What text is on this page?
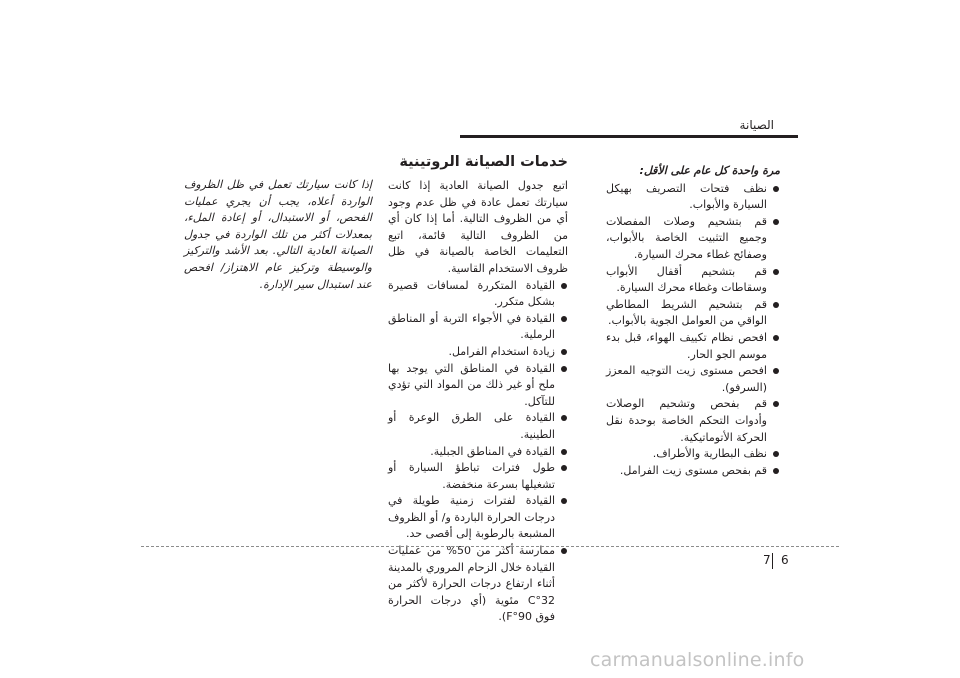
الصيانة

مرة واحدة كل عام على الأقل:

نظف فتحات التصريف بهيكل السيارة والأبواب.
قم بتشحيم وصلات المفصلات وجميع التثبيت الخاصة بالأبواب، وصفائح غطاء محرك السيارة.
قم بتشحيم أقفال الأبواب وسقاطات وغطاء محرك السيارة.
قم بتشحيم الشريط المطاطي الواقي من العوامل الجوية بالأبواب.
افحص نظام تكييف الهواء، قبل بدء موسم الجو الحار.
افحص مستوى زيت التوجيه المعزز (السرفو).
قم بفحص وتشحيم الوصلات وأدوات التحكم الخاصة بوحدة نقل الحركة الأتوماتيكية.
نظف البطارية والأطراف.
قم بفحص مستوى زيت الفرامل.

خدمات الصيانة الروتينية

اتبع جدول الصيانة العادية إذا كانت سيارتك تعمل عادة في ظل عدم وجود أي من الظروف التالية. أما إذا كان أي من الظروف التالية قائمة، اتبع التعليمات الخاصة بالصيانة في ظل ظروف الاستخدام القاسية.

القيادة المتكررة لمسافات قصيرة بشكل متكرر.
القيادة في الأجواء التربة أو المناطق الرملية.
زيادة استخدام الفرامل.
القيادة في المناطق التي يوجد بها ملح أو غير ذلك من المواد التي تؤدي للتآكل.
القيادة على الطرق الوعرة أو الطينية.
القيادة في المناطق الجبلية.
طول فترات تباطؤ السيارة أو تشغيلها بسرعة منخفضة.
القيادة لفترات زمنية طويلة في درجات الحرارة الباردة و/ أو الظروف المشبعة بالرطوبة إلى أقصى حد.
ممارسة أكثر من 50% من عمليات القيادة خلال الزحام المروري بالمدينة أثناء ارتفاع درجات الحرارة لأكثر من 32°C مئوية (أي درجات الحرارة فوق 90°F).

إذا كانت سيارتك تعمل في ظل الظروف الواردة أعلاه، يجب أن يجري عمليات الفحص، أو الاستبدال، أو إعادة الملء، بمعدلات أكثر من تلك الواردة في جدول الصيانة العادية التالي. بعد الأشد والتركيز والوسيطة وتركيز عام الاهتزاز/ افحص عند استبدال سير الإدارة.

7 6
carmanualsonline.info
